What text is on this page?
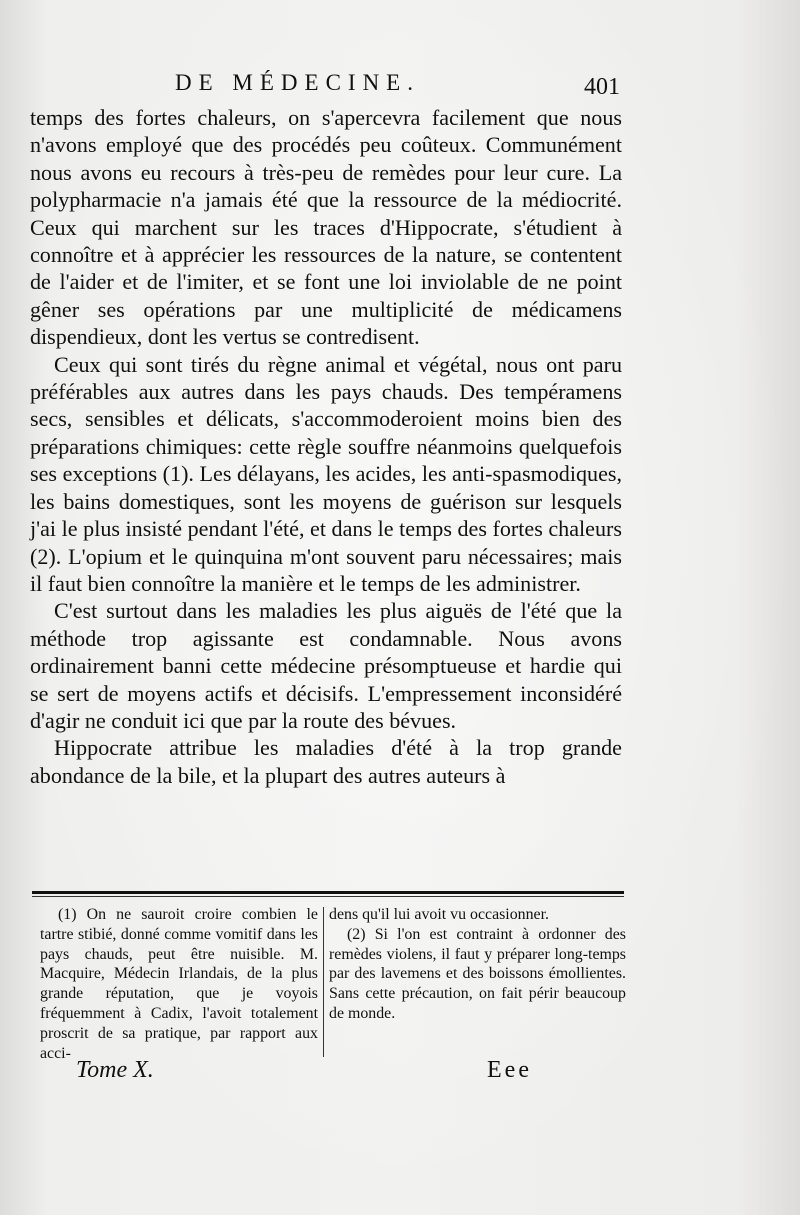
DE MÉDECINE.	401

temps des fortes chaleurs, on s'apercevra facilement que nous n'avons employé que des procédés peu coûteux. Communément nous avons eu recours à très-peu de remèdes pour leur cure. La polypharmacie n'a jamais été que la ressource de la médiocrité. Ceux qui marchent sur les traces d'Hippocrate, s'étudient à connoître et à apprécier les ressources de la nature, se contentent de l'aider et de l'imiter, et se font une loi inviolable de ne point gêner ses opérations par une multiplicité de médicamens dispendieux, dont les vertus se contredisent.

Ceux qui sont tirés du règne animal et végétal, nous ont paru préférables aux autres dans les pays chauds. Des tempéramens secs, sensibles et délicats, s'accommoderoient moins bien des préparations chimiques: cette règle souffre néanmoins quelquefois ses exceptions (1). Les délayans, les acides, les anti-spasmodiques, les bains domestiques, sont les moyens de guérison sur lesquels j'ai le plus insisté pendant l'été, et dans le temps des fortes chaleurs (2). L'opium et le quinquina m'ont souvent paru nécessaires; mais il faut bien connoître la manière et le temps de les administrer.

C'est surtout dans les maladies les plus aiguës de l'été que la méthode trop agissante est condamnable. Nous avons ordinairement banni cette médecine présomptueuse et hardie qui se sert de moyens actifs et décisifs. L'empressement inconsidéré d'agir ne conduit ici que par la route des bévues.

Hippocrate attribue les maladies d'été à la trop grande abondance de la bile, et la plupart des autres auteurs à

(1) On ne sauroit croire combien le tartre stibié, donné comme vomitif dans les pays chauds, peut être nuisible. M. Macquire, Médecin Irlandais, de la plus grande réputation, que je voyois fréquemment à Cadix, l'avoit totalement proscrit de sa pratique, par rapport aux acci-

dens qu'il lui avoit vu occasionner.

(2) Si l'on est contraint à ordonner des remèdes violens, il faut y préparer long-temps par des lavemens et des boissons émollientes. Sans cette précaution, on fait périr beaucoup de monde.

Tome X.	Eee
